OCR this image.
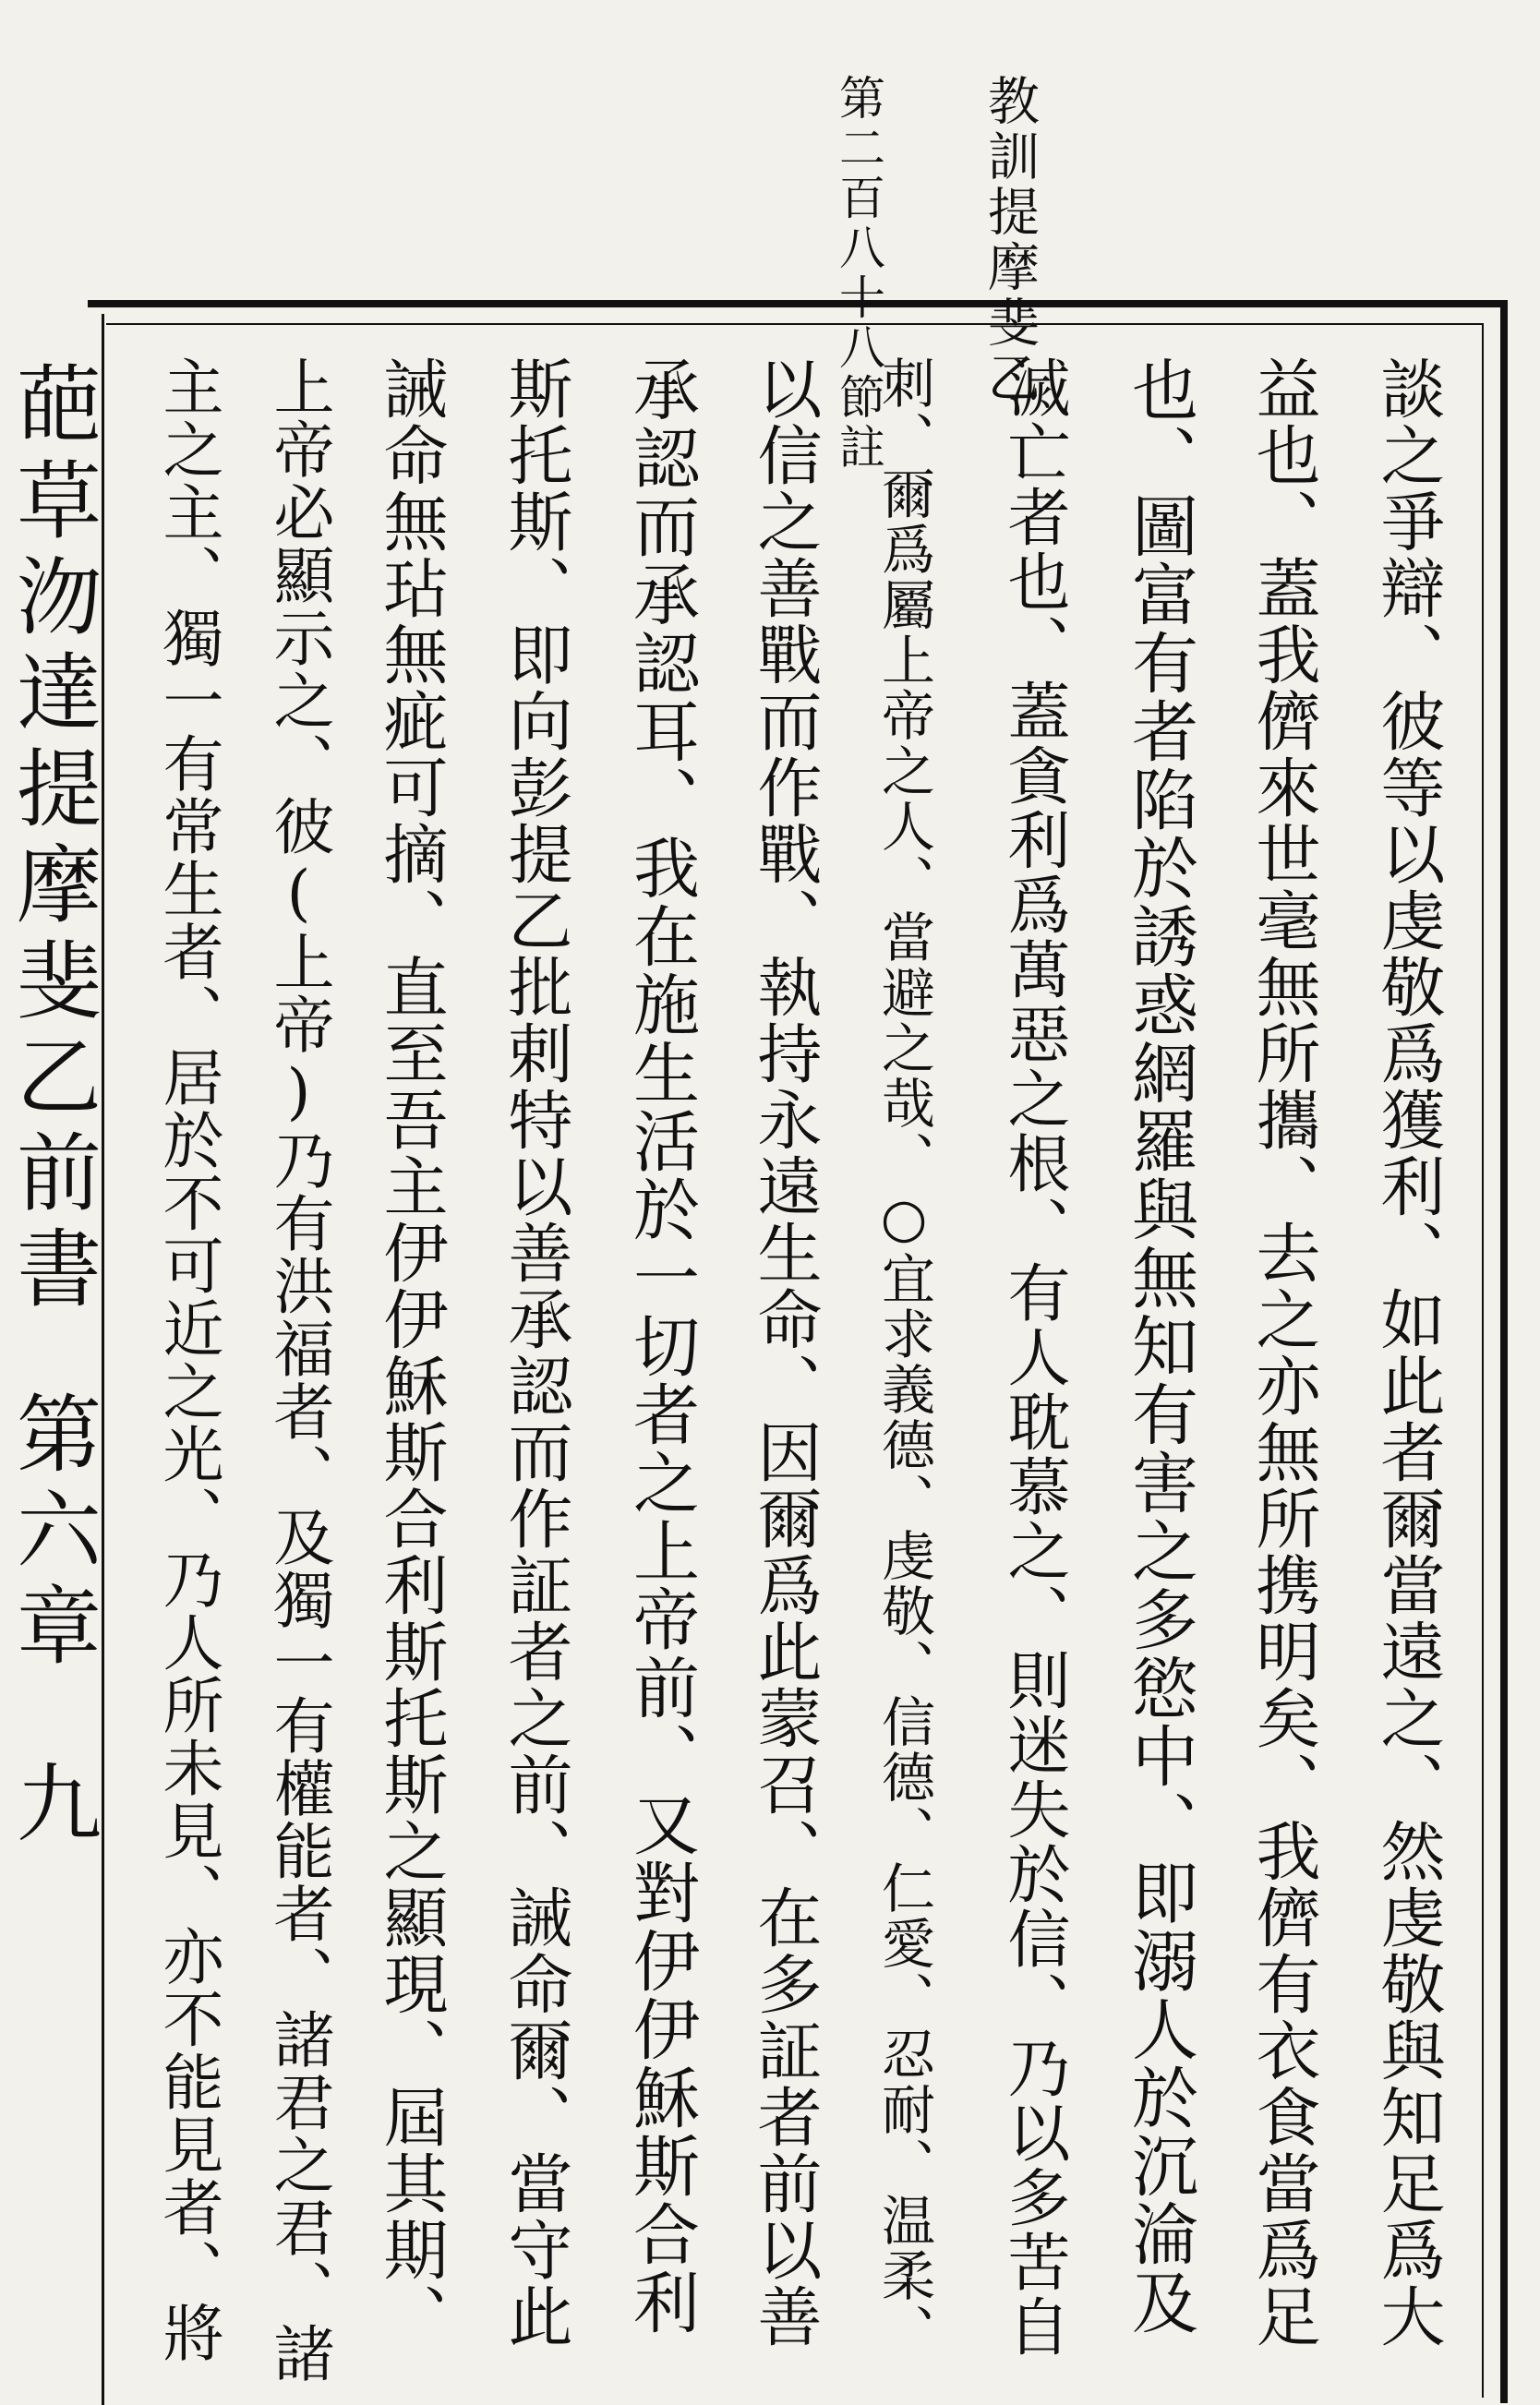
教訓提摩斐乙
第二百八十八節註
葩草沕達提摩斐乙前書
第六章
九	談之爭辯、彼等以虔敬爲獲利、如此者爾當遠之、然虔敬與知足爲大
益也、蓋我儕來世毫無所攜、去之亦無所携明矣、我儕有衣食當爲足
也、圖富有者陷於誘惑網羅與無知有害之多慾中、即溺人於沉淪及
滅亡者也、蓋貪利爲萬惡之根、有人耽慕之、則迷失於信、乃以多苦自
刺、爾爲屬上帝之人、當避之哉、○宜求義德、虔敬、信德、仁愛、忍耐、温柔、
以信之善戰而作戰、執持永遠生命、因爾爲此蒙召、在多証者前以善
承認而承認耳、我在施生活於一切者之上帝前、又對伊伊穌斯合利
斯托斯、即向彭提乙批剌特以善承認而作証者之前、誡命爾、當守此
誡命無玷無疵可摘、直至吾主伊伊穌斯合利斯托斯之顯現、屆其期、
上帝必顯示之、彼(上帝)乃有洪福者、及獨一有權能者、諸君之君、諸
主之主、獨一有常生者、居於不可近之光、乃人所未見、亦不能見者、將
